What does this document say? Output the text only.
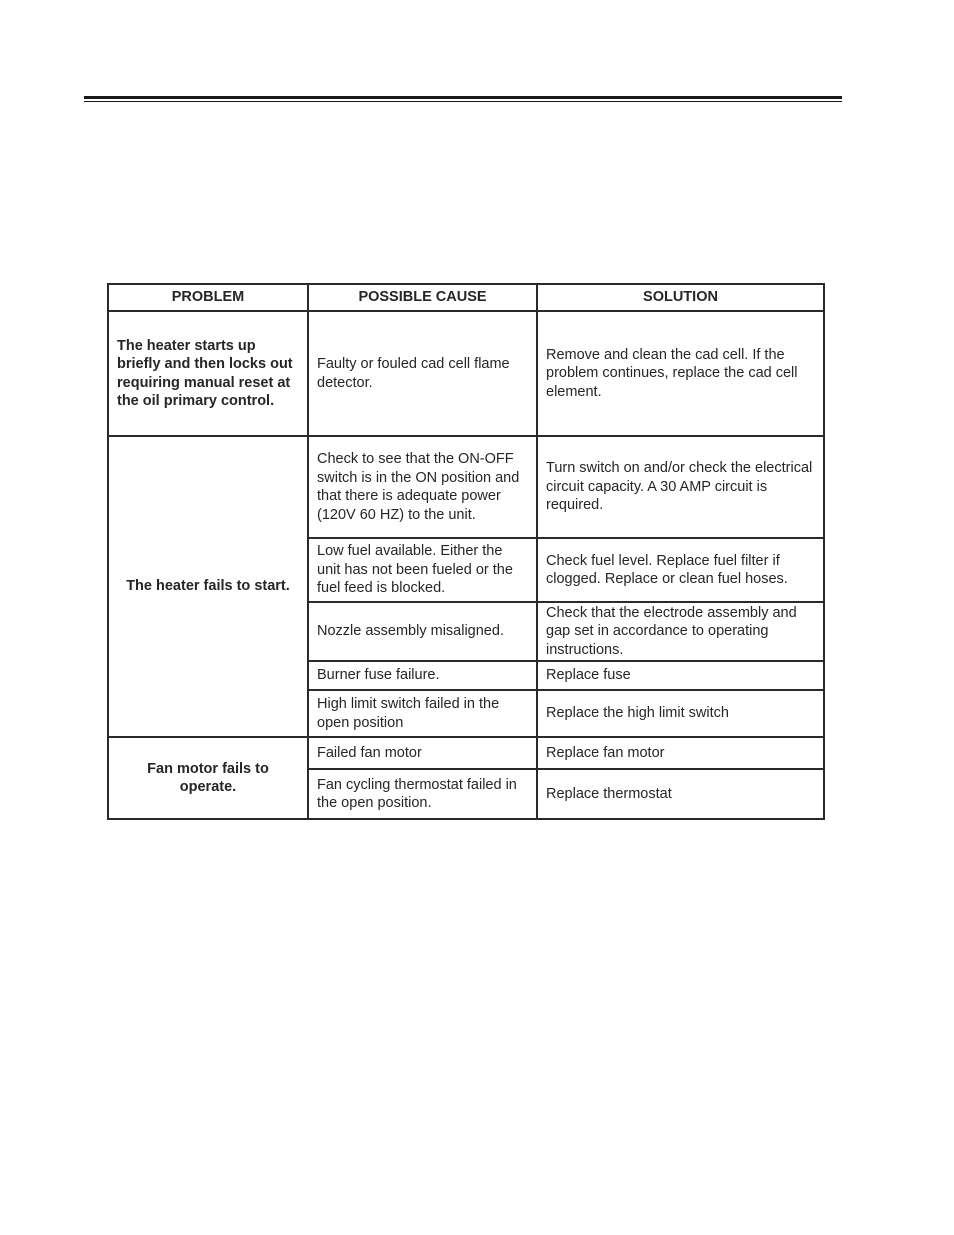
PROBLEM	POSSIBLE CAUSE	SOLUTION
The heater starts up briefly and then locks out requiring manual reset at the oil primary control.	Faulty or fouled cad cell flame detector.	Remove and clean the cad cell. If the problem continues, replace the cad cell element.
The heater fails to start.	Check to see that the ON-OFF switch is in the ON position and that there is adequate power (120V 60 HZ) to the unit.	Turn switch on and/or check the electrical circuit capacity. A 30 AMP circuit is required.
	Low fuel available. Either the unit has not been fueled or the fuel feed is blocked.	Check fuel level. Replace fuel filter if clogged. Replace or clean fuel hoses.
	Nozzle assembly misaligned.	Check that the electrode assembly and gap set in accordance to operating instructions.
	Burner fuse failure.	Replace fuse
	High limit switch failed in the open position	Replace the high limit switch
Fan motor fails to operate.	Failed fan motor	Replace fan motor
	Fan cycling thermostat failed in the open position.	Replace thermostat
